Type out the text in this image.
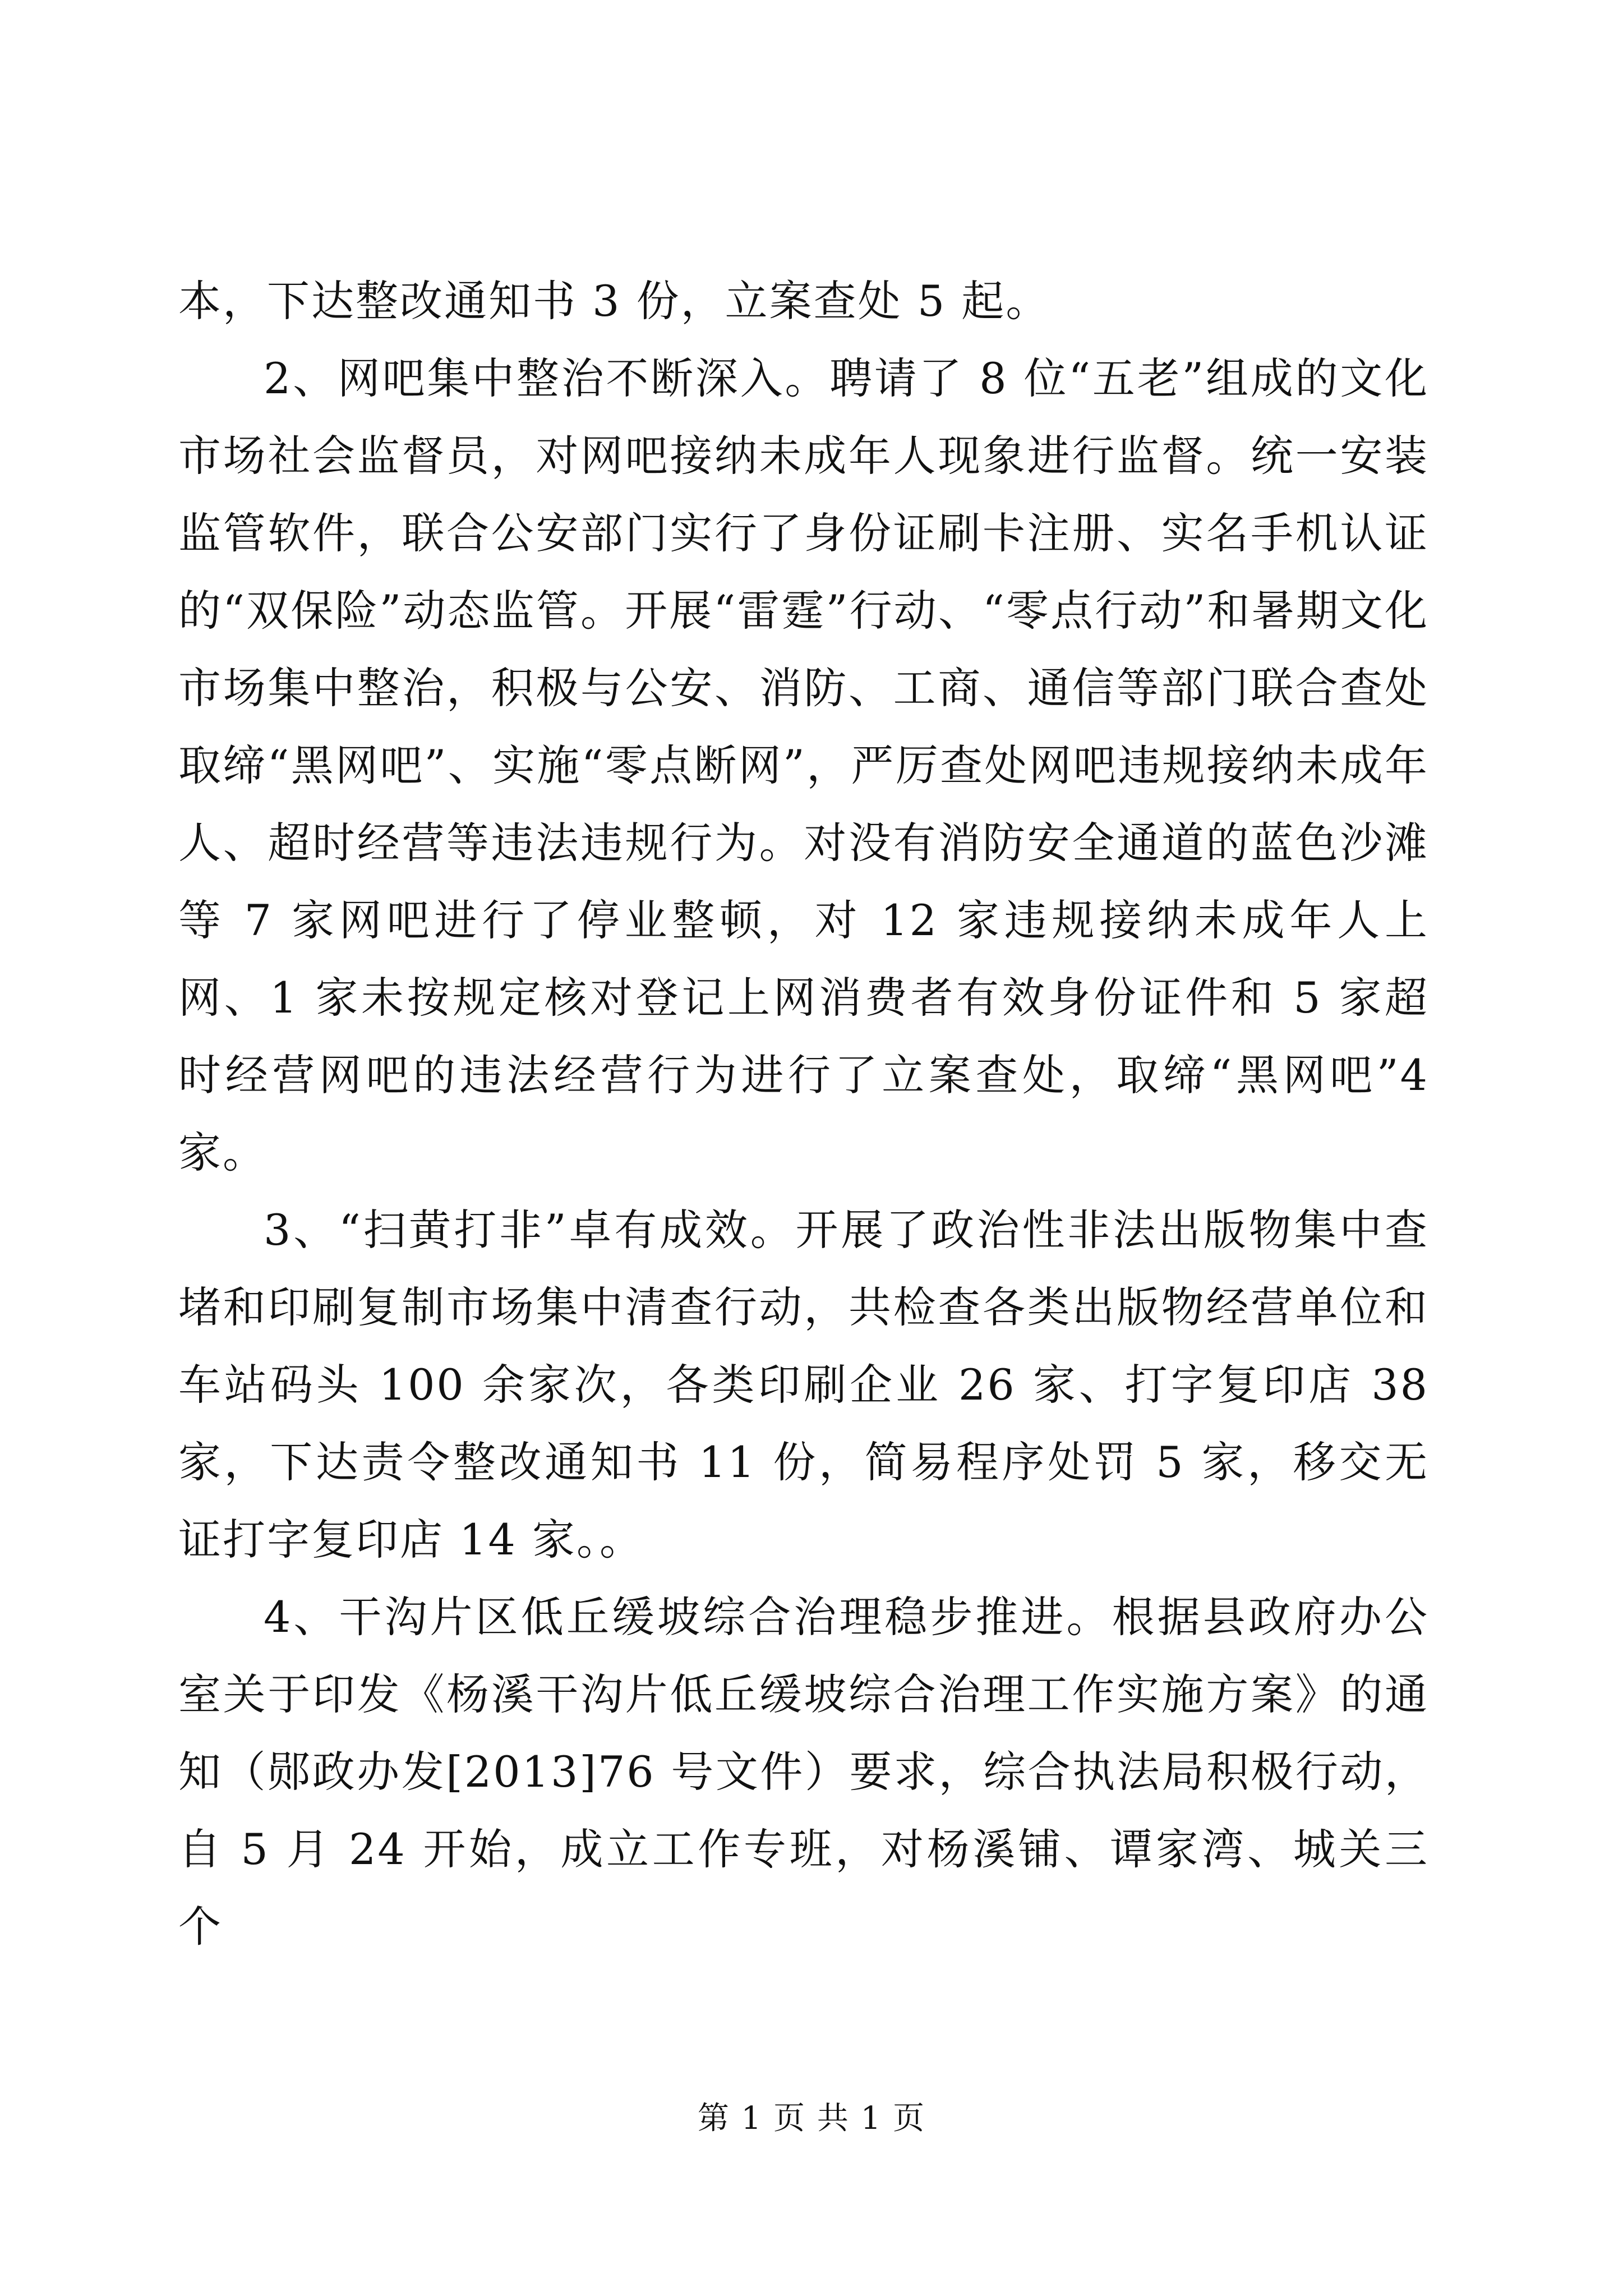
本，下达整改通知书 3 份，立案查处 5 起。

2、网吧集中整治不断深入。聘请了 8 位“五老”组成的文化市场社会监督员，对网吧接纳未成年人现象进行监督。统一安装监管软件，联合公安部门实行了身份证刷卡注册、实名手机认证的“双保险”动态监管。开展“雷霆”行动、“零点行动”和暑期文化市场集中整治，积极与公安、消防、工商、通信等部门联合查处取缔“黑网吧”、实施“零点断网”，严厉查处网吧违规接纳未成年人、超时经营等违法违规行为。对没有消防安全通道的蓝色沙滩等 7 家网吧进行了停业整顿，对 12 家违规接纳未成年人上网、1 家未按规定核对登记上网消费者有效身份证件和 5 家超时经营网吧的违法经营行为进行了立案查处，取缔“黑网吧”4 家。

3、“扫黄打非”卓有成效。开展了政治性非法出版物集中查堵和印刷复制市场集中清查行动，共检查各类出版物经营单位和车站码头 100 余家次，各类印刷企业 26 家、打字复印店 38 家，下达责令整改通知书 11 份，简易程序处罚 5 家，移交无证打字复印店 14 家。。

4、干沟片区低丘缓坡综合治理稳步推进。根据县政府办公室关于印发《杨溪干沟片低丘缓坡综合治理工作实施方案》的通知（郧政办发[2013]76 号文件）要求，综合执法局积极行动，自 5 月 24 开始，成立工作专班，对杨溪铺、谭家湾、城关三个

第 1 页 共 1 页
